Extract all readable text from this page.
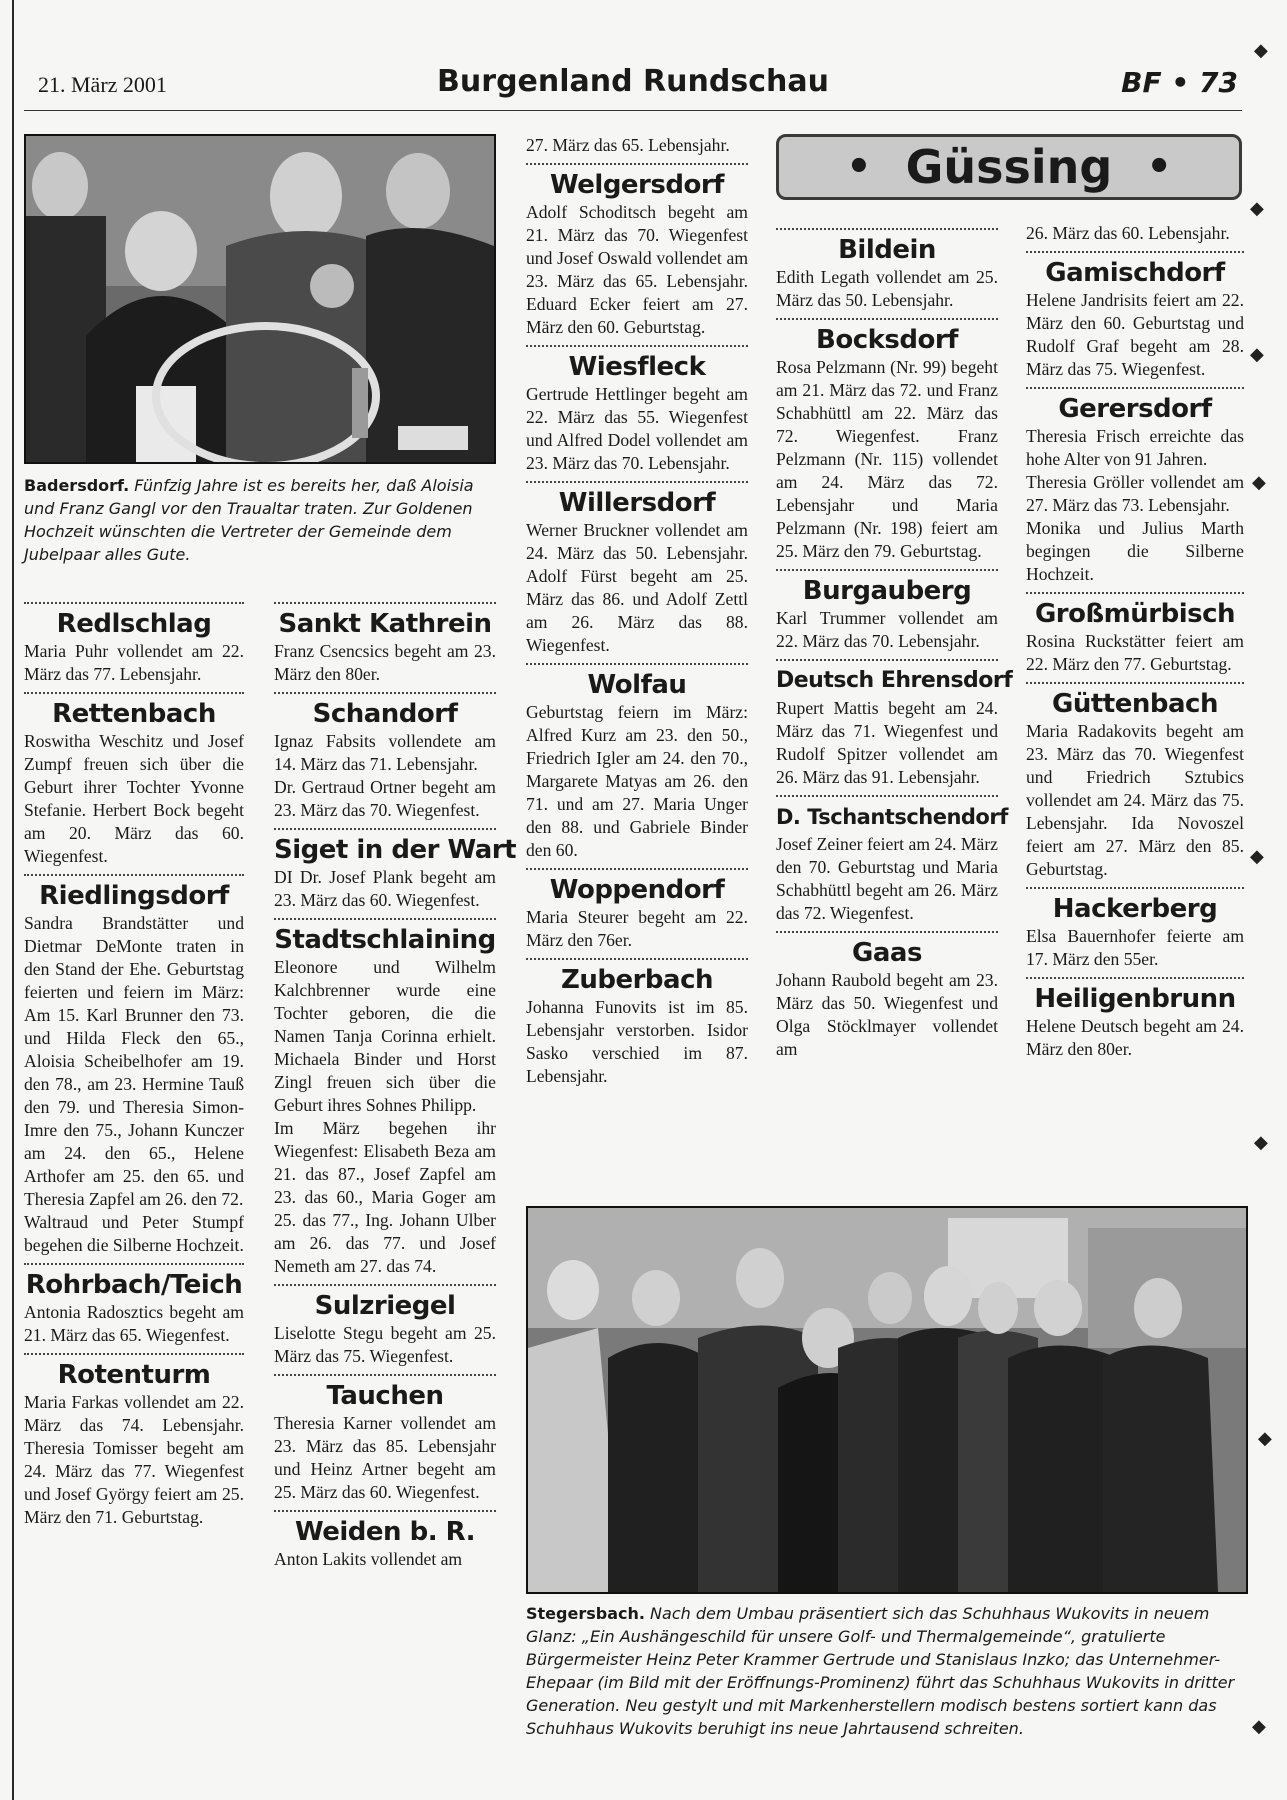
21. März 2001	Burgenland Rundschau	BF • 73
Badersdorf. Fünfzig Jahre ist es bereits her, daß Aloisia und Franz Gangl vor den Traualtar traten. Zur Goldenen Hochzeit wünschten die Vertreter der Gemeinde dem Jubelpaar alles Gute.
Redlschlag

Maria Puhr vollendet am 22. März das 77. Lebensjahr.

Rettenbach

Roswitha Weschitz und Josef Zumpf freuen sich über die Geburt ihrer Tochter Yvonne Stefanie. Herbert Bock begeht am 20. März das 60. Wiegenfest.

Riedlingsdorf

Sandra Brandstätter und Dietmar DeMonte traten in den Stand der Ehe. Geburtstag feierten und feiern im März: Am 15. Karl Brunner den 73. und Hilda Fleck den 65., Aloisia Scheibelhofer am 19. den 78., am 23. Hermine Tauß den 79. und Theresia Simon-Imre den 75., Johann Kunczer am 24. den 65., Helene Arthofer am 25. den 65. und Theresia Zapfel am 26. den 72.

Waltraud und Peter Stumpf begehen die Silberne Hochzeit.

Rohrbach/Teich

Antonia Radosztics begeht am 21. März das 65. Wiegenfest.

Rotenturm

Maria Farkas vollendet am 22. März das 74. Lebensjahr. Theresia Tomisser begeht am 24. März das 77. Wiegenfest und Josef György feiert am 25. März den 71. Geburtstag.

Sankt Kathrein

Franz Csencsics begeht am 23. März den 80er.

Schandorf

Ignaz Fabsits vollendete am 14. März das 71. Lebensjahr.

Dr. Gertraud Ortner begeht am 23. März das 70. Wiegenfest.

Siget in der Wart

DI Dr. Josef Plank begeht am 23. März das 60. Wiegenfest.

Stadtschlaining

Eleonore und Wilhelm Kalchbrenner wurde eine Tochter geboren, die die Namen Tanja Corinna erhielt. Michaela Binder und Horst Zingl freuen sich über die Geburt ihres Sohnes Philipp.

Im März begehen ihr Wiegenfest: Elisabeth Beza am 21. das 87., Josef Zapfel am 23. das 60., Maria Goger am 25. das 77., Ing. Johann Ulber am 26. das 77. und Josef Nemeth am 27. das 74.

Sulzriegel

Liselotte Stegu begeht am 25. März das 75. Wiegenfest.

Tauchen

Theresia Karner vollendet am 23. März das 85. Lebensjahr und Heinz Artner begeht am 25. März das 60. Wiegenfest.

Weiden b. R.

Anton Lakits vollendet am

27. März das 65. Lebensjahr.

Welgersdorf

Adolf Schoditsch begeht am 21. März das 70. Wiegenfest und Josef Oswald vollendet am 23. März das 65. Lebensjahr. Eduard Ecker feiert am 27. März den 60. Geburtstag.

Wiesfleck

Gertrude Hettlinger begeht am 22. März das 55. Wiegenfest und Alfred Dodel vollendet am 23. März das 70. Lebensjahr.

Willersdorf

Werner Bruckner vollendet am 24. März das 50. Lebensjahr. Adolf Fürst begeht am 25. März das 86. und Adolf Zettl am 26. März das 88. Wiegenfest.

Wolfau

Geburtstag feiern im März: Alfred Kurz am 23. den 50., Friedrich Igler am 24. den 70., Margarete Matyas am 26. den 71. und am 27. Maria Unger den 88. und Gabriele Binder den 60.

Woppendorf

Maria Steurer begeht am 22. März den 76er.

Zuberbach

Johanna Funovits ist im 85. Lebensjahr verstorben. Isidor Sasko verschied im 87. Lebensjahr.

• Güssing •
Bildein

Edith Legath vollendet am 25. März das 50. Lebensjahr.

Bocksdorf

Rosa Pelzmann (Nr. 99) begeht am 21. März das 72. und Franz Schabhüttl am 22. März das 72. Wiegenfest. Franz Pelzmann (Nr. 115) vollendet am 24. März das 72. Lebensjahr und Maria Pelzmann (Nr. 198) feiert am 25. März den 79. Geburtstag.

Burgauberg

Karl Trummer vollendet am 22. März das 70. Lebensjahr.

Deutsch Ehrensdorf

Rupert Mattis begeht am 24. März das 71. Wiegenfest und Rudolf Spitzer vollendet am 26. März das 91. Lebensjahr.

D. Tschantschendorf

Josef Zeiner feiert am 24. März den 70. Geburtstag und Maria Schabhüttl begeht am 26. März das 72. Wiegenfest.

Gaas

Johann Raubold begeht am 23. März das 50. Wiegenfest und Olga Stöcklmayer vollendet am

26. März das 60. Lebensjahr.

Gamischdorf

Helene Jandrisits feiert am 22. März den 60. Geburtstag und Rudolf Graf begeht am 28. März das 75. Wiegenfest.

Gerersdorf

Theresia Frisch erreichte das hohe Alter von 91 Jahren.

Theresia Gröller vollendet am 27. März das 73. Lebensjahr.

Monika und Julius Marth begingen die Silberne Hochzeit.

Großmürbisch

Rosina Ruckstätter feiert am 22. März den 77. Geburtstag.

Güttenbach

Maria Radakovits begeht am 23. März das 70. Wiegenfest und Friedrich Sztubics vollendet am 24. März das 75. Lebensjahr. Ida Novoszel feiert am 27. März den 85. Geburtstag.

Hackerberg

Elsa Bauernhofer feierte am 17. März den 55er.

Heiligenbrunn

Helene Deutsch begeht am 24. März den 80er.

Stegersbach. Nach dem Umbau präsentiert sich das Schuhhaus Wukovits in neuem Glanz: „Ein Aushängeschild für unsere Golf- und Thermalgemeinde“, gratulierte Bürgermeister Heinz Peter Krammer Gertrude und Stanislaus Inzko; das Unternehmer-Ehepaar (im Bild mit der Eröffnungs-Prominenz) führt das Schuhhaus Wukovits in dritter Generation. Neu gestylt und mit Markenherstellern modisch bestens sortiert kann das Schuhhaus Wukovits beruhigt ins neue Jahrtausend schreiten.
◆
◆
◆
◆
◆
◆
◆
◆
